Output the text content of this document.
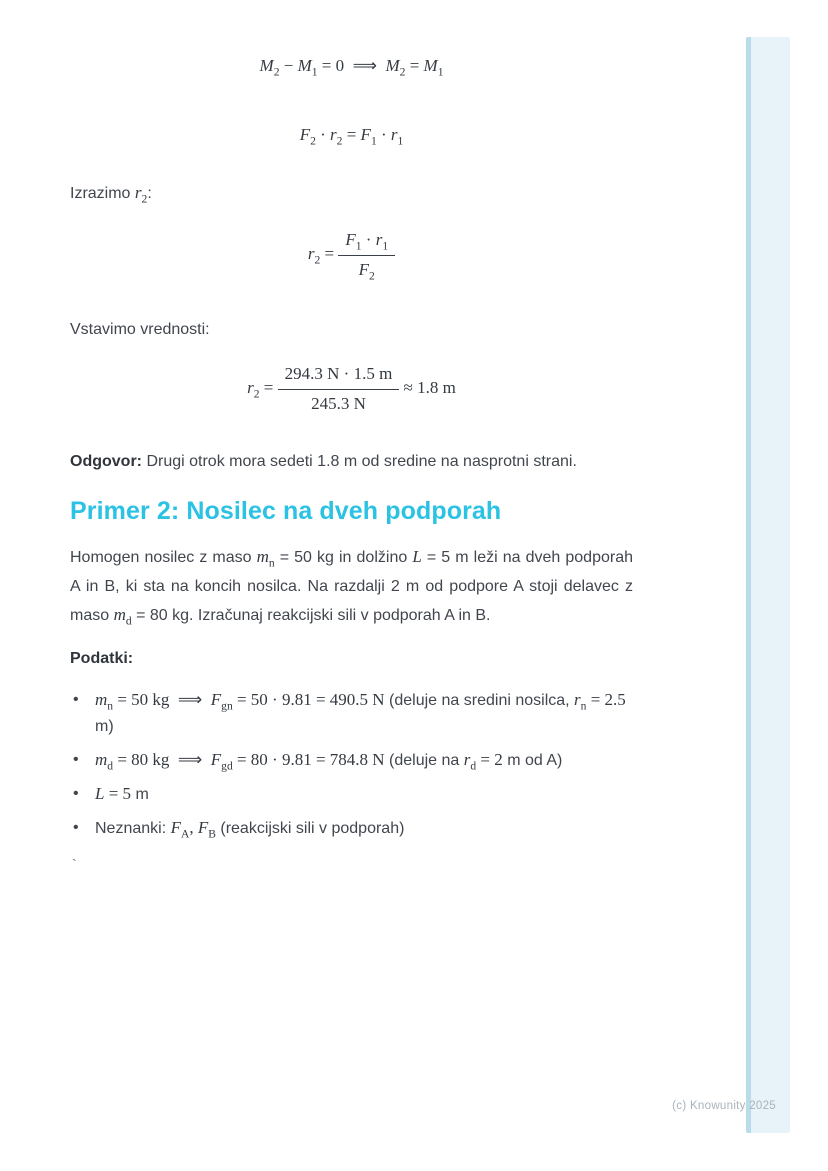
$M_2 - M_1 = 0$  ⟹  $M_2 = M_1$
$F_2 \cdot r_2 = F_1 \cdot r_1$
Izrazimo $r_2$:
$r_2 = \frac{F_1 \cdot r_1}{F_2}$
Vstavimo vrednosti:
$r_2 = \frac{294.3 N \cdot 1.5 m}{245.3 N} \approx 1.8$ m
Odgovor: Drugi otrok mora sedeti 1.8 m od sredine na nasprotni strani.
Primer 2: Nosilec na dveh podporah

Homogen nosilec z maso $m_n = 50$ kg in dolžino L = 5 m leži na dveh podporah A in B, ki sta na koncih nosilca. Na razdalji 2 m od podpore A stoji delavec z maso $m_d = 80$ kg. Izračunaj reakcijski sili v podporah A in B.

Podatki:
• $m_n = 50$ kg  ⟹  $F_{gn} = 50 \cdot 9.81 = 490.5$ N (deluje na sredini nosilca, $r_n = 2.5$ m)
• $m_d = 80$ kg  ⟹  $F_{gd} = 80 \cdot 9.81 = 784.8$ N (deluje na $r_d = 2$ m od A)
• L = 5 m
• Neznanki: $F_A$, $F_B$ (reakcijski sili v podporah)
`
(c) Knowunity 2025
